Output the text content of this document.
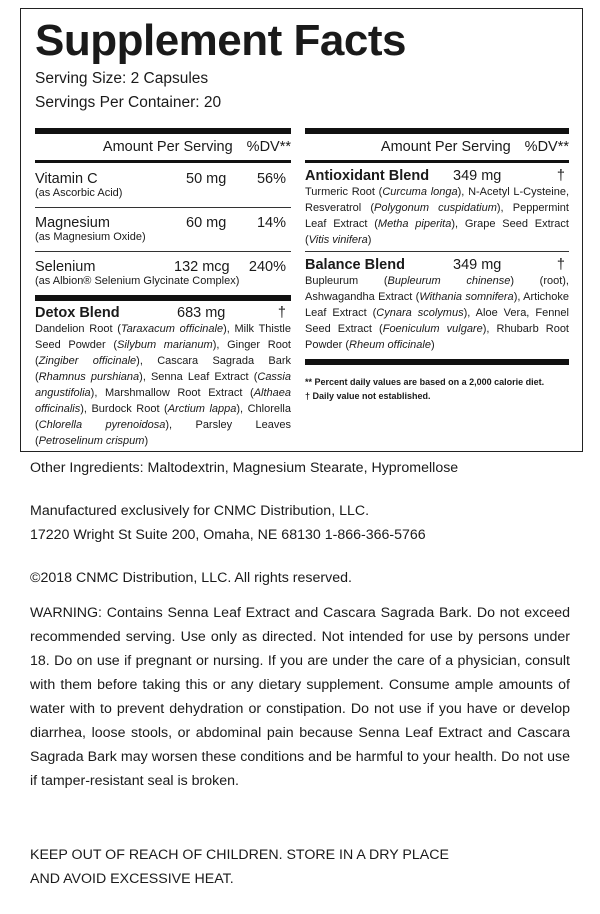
Supplement Facts
Serving Size: 2 Capsules
Servings Per Container: 20
Amount Per Serving %DV**
Vitamin C	50 mg 56%
(as Ascorbic Acid)
Magnesium	60 mg 14%
(as Magnesium Oxide)
Selenium	132 mcg 240%
(as Albion® Selenium Glycinate Complex)
Detox Blend	683 mg	†

Dandelion Root (Taraxacum officinale), Milk Thistle Seed Powder (Silybum marianum), Ginger Root (Zingiber officinale), Cascara Sagrada Bark (Rhamnus purshiana), Senna Leaf Extract (Cassia angustifolia), Marshmallow Root Extract (Althaea officinalis), Burdock Root (Arctium lappa), Chlorella (Chlorella pyrenoidosa), Parsley Leaves (Petroselinum crispum)

Amount Per Serving %DV**
Antioxidant Blend	349 mg	†

Turmeric Root (Curcuma longa), N-Acetyl L-Cysteine, Resveratrol (Polygonum cuspidatium), Peppermint Leaf Extract (Metha piperita), Grape Seed Extract (Vitis vinifera)

Balance Blend	349 mg	†

Bupleurum (Bupleurum chinense) (root), Ashwagandha Extract (Withania somnifera), Artichoke Leaf Extract (Cynara scolymus), Aloe Vera, Fennel Seed Extract (Foeniculum vulgare), Rhubarb Root Powder (Rheum officinale)

** Percent daily values are based on a 2,000 calorie diet.
† Daily value not established.

Other Ingredients: Maltodextrin, Magnesium Stearate, Hypromellose

Manufactured exclusively for CNMC Distribution, LLC.

17220 Wright St Suite 200, Omaha, NE 68130 1-866-366-5766

©2018 CNMC Distribution, LLC. All rights reserved.

WARNING: Contains Senna Leaf Extract and Cascara Sagrada Bark. Do not exceed recommended serving. Use only as directed. Not intended for use by persons under 18. Do on use if pregnant or nursing. If you are under the care of a physician, consult with them before taking this or any dietary supplement. Consume ample amounts of water with to prevent dehydration or constipation. Do not use if you have or develop diarrhea, loose stools, or abdominal pain because Senna Leaf Extract and Cascara Sagrada Bark may worsen these conditions and be harmful to your health. Do not use if tamper-resistant seal is broken.

KEEP OUT OF REACH OF CHILDREN. STORE IN A DRY PLACE AND AVOID EXCESSIVE HEAT.
